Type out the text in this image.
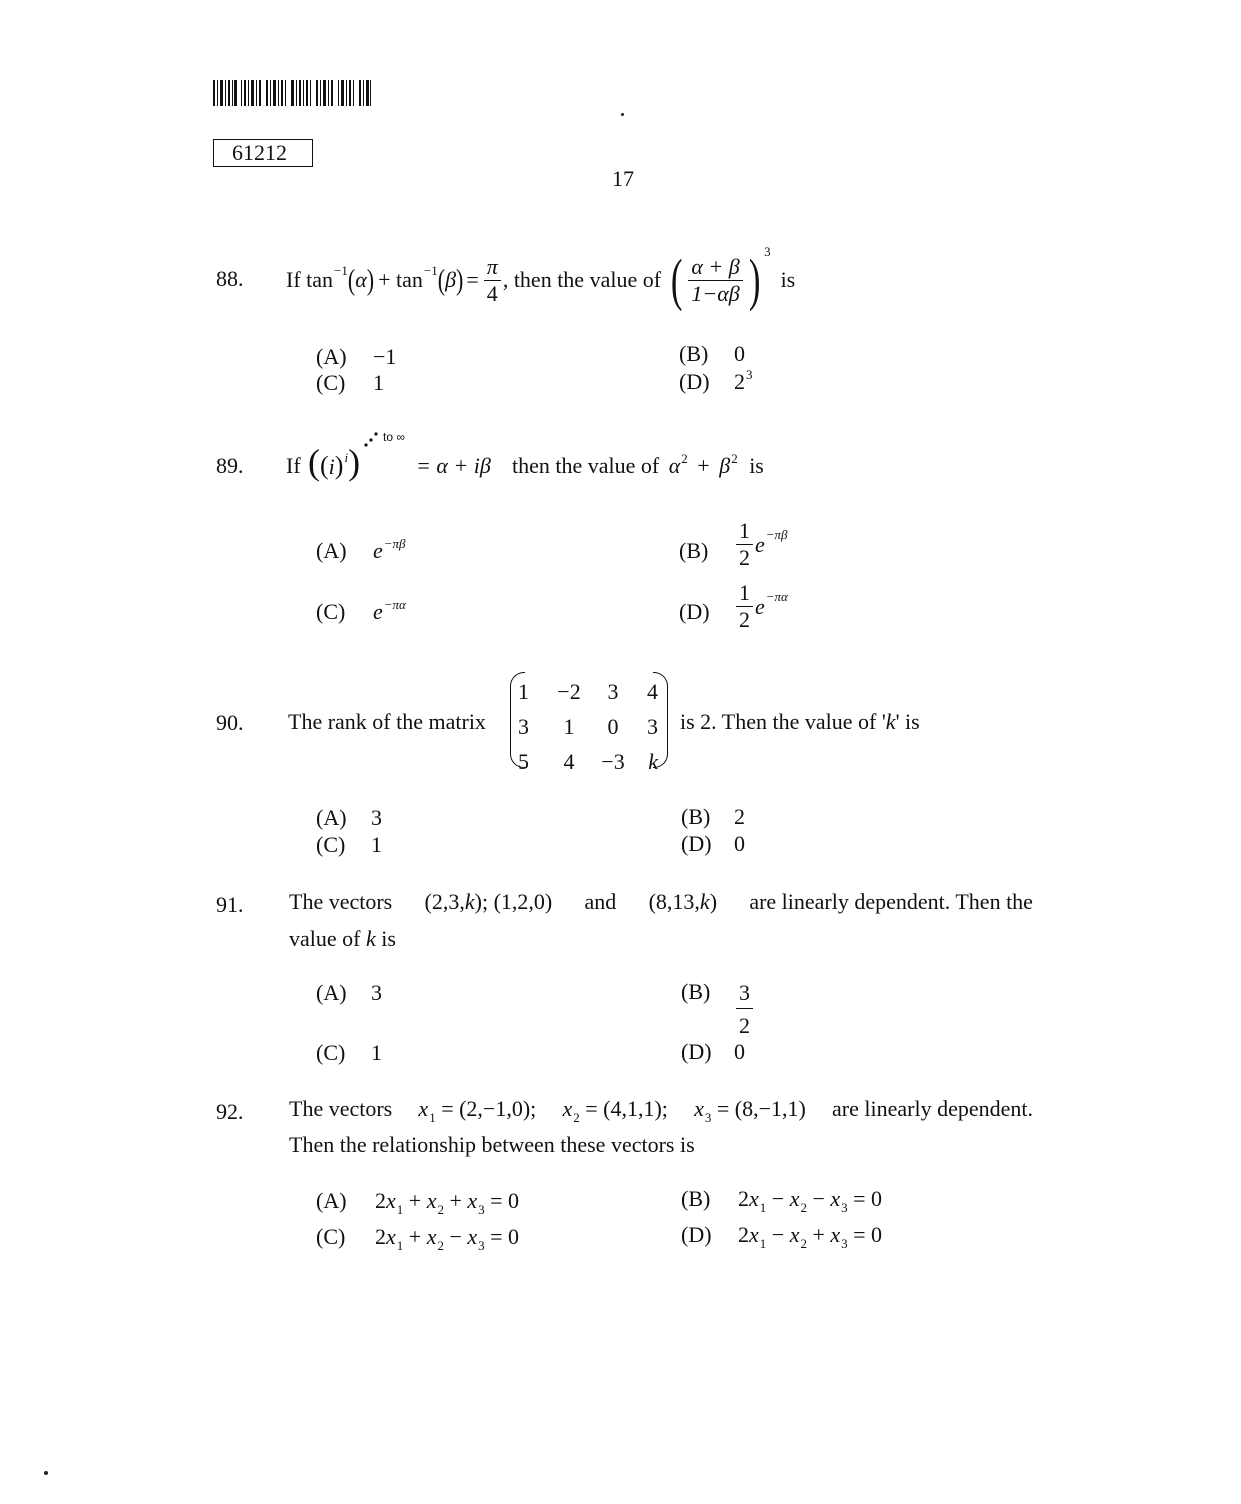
61212
17
88. If $\tan^{-1}$ ( α ) + $\tan^{-1}$ ( β ) = $\frac{\pi}{4}$ , then the value of ( $\frac{\alpha + \beta}{1-\alpha\beta}$ ) 3
is
(A) −1	(B) 0
(C) 1	(D) $2^3$
89. If $((i)^i)$
to ∞
= α + iβ then the value of $\alpha^2 + \beta^2$ is
(A) $e^{-\pi\beta}$	$(B) \frac{1}{2} e^{-\pi\beta}$
(C) $e^{-\pi\alpha}$	$(D) \frac{1}{2} e^{-\pi\alpha}$
90. The rank of the matrix
1	−2	3	4
3	1	0	3
5	4	−3	k
is 2. Then the value of 'k' is
(A) 3	(B) 2
(C) 1	(D) 0
91. The vectors (2,3,k); (1,2,0) and (8,13,k) are linearly dependent. Then the
value of k is
(A) 3	$(B) \frac{3}{2}$
(C) 1	(D) 0
92. The vectors $x_1 = (2,-1,0)$; $x_2 = (4,1,1)$; $x_3 = (8,-1,1)$ are linearly dependent.
Then the relationship between these vectors is
(A) $2x_1 + x_2 + x_3 = 0$	(B) $2x_1 - x_2 - x_3 = 0$
(C) $2x_1 + x_2 - x_3 = 0$	(D) $2x_1 - x_2 + x_3 = 0$
